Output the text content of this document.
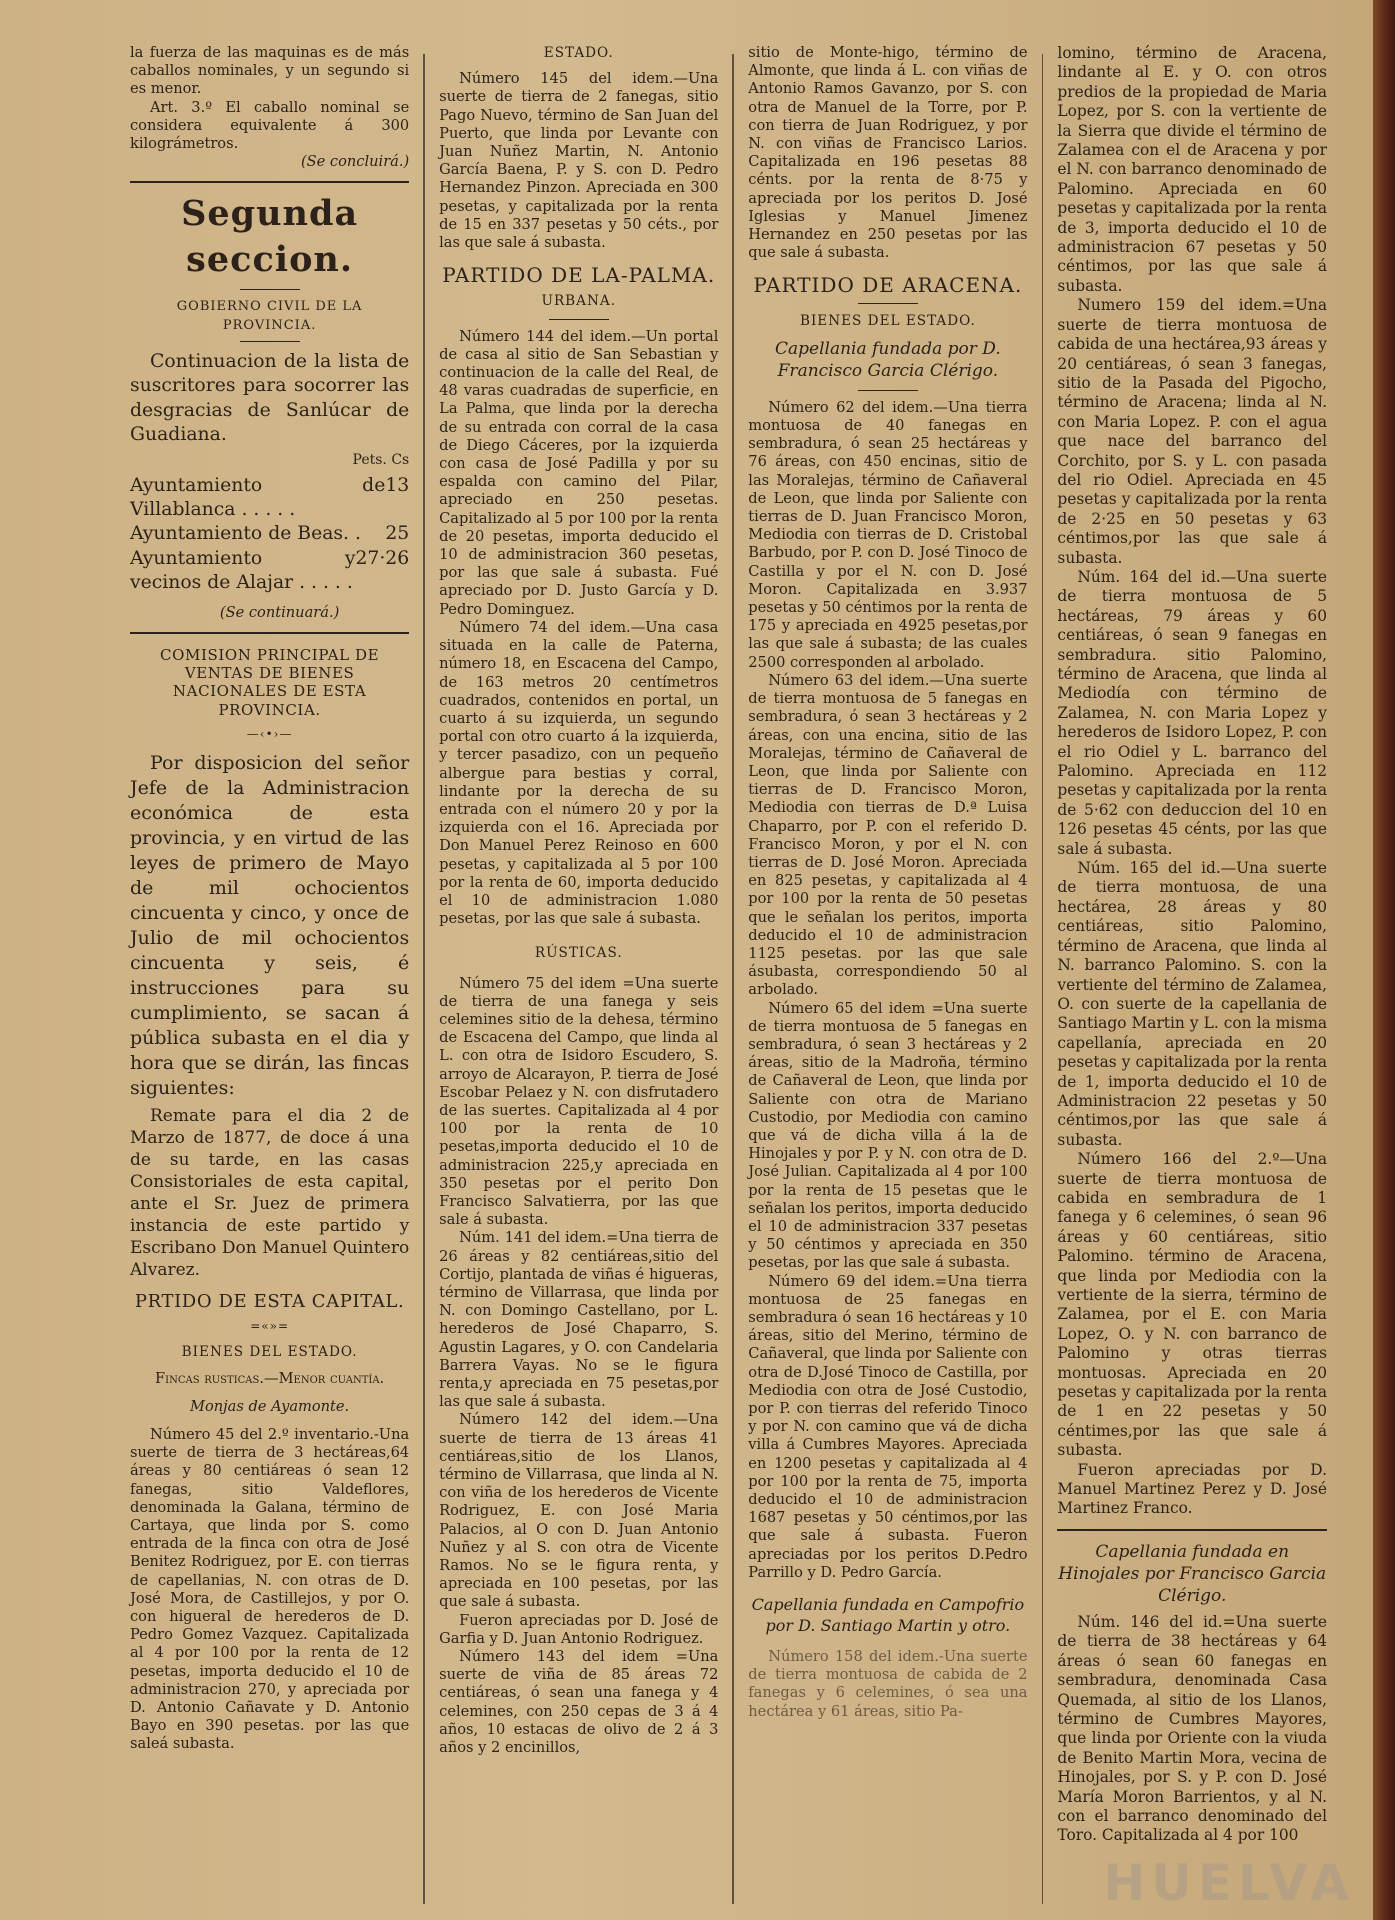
la fuerza de las maquinas es de más caballos nominales, y un segundo si es menor.

Art. 3.º El caballo nominal se considera equivalente á 300 kilográmetros.

(Se concluirá.)

Segunda seccion.
GOBIERNO CIVIL DE LA PROVINCIA.

Continuacion de la lista de suscritores para socorrer las desgracias de Sanlúcar de Guadiana.

Pets. Cs

Ayuntamiento de Villablanca . . . . .
13
Ayuntamiento de Beas. . 25
Ayuntamiento y vecinos de Alajar . . . . .
27·26

(Se continuará.)

COMISION PRINCIPAL DE VENTAS DE BIENES NACIONALES DE ESTA PROVINCIA.
—‹•›—

Por disposicion del señor Jefe de la Administracion económica de esta provincia, y en virtud de las leyes de primero de Mayo de mil ochocientos cincuenta y cinco, y once de Julio de mil ochocientos cincuenta y seis, é instrucciones para su cumplimiento, se sacan á pública subasta en el dia y hora que se dirán, las fincas siguientes:

Remate para el dia 2 de Marzo de 1877, de doce á una de su tarde, en las casas Consistoriales de esta capital, ante el Sr. Juez de primera instancia de este partido y Escribano Don Manuel Quintero Alvarez.

PRTIDO DE ESTA CAPITAL.
=«»=
BIENES DEL ESTADO.
Fincas rusticas.—Menor cuantía.
Monjas de Ayamonte.

Número 45 del 2.º inventario.-Una suerte de tierra de 3 hectáreas,64 áreas y 80 centiáreas ó sean 12 fanegas, sitio Valdeflores, denominada la Galana, término de Cartaya, que linda por S. como entrada de la finca con otra de José Benitez Rodriguez, por E. con tierras de capellanias, N. con otras de D. José Mora, de Castillejos, y por O. con higueral de herederos de D. Pedro Gomez Vazquez. Capitalizada al 4 por 100 por la renta de 12 pesetas, importa deducido el 10 de administracion 270, y apreciada por D. Antonio Cañavate y D. Antonio Bayo en 390 pesetas. por las que saleá subasta.

ESTADO.

Número 145 del idem.—Una suerte de tierra de 2 fanegas, sitio Pago Nuevo, término de San Juan del Puerto, que linda por Levante con Juan Nuñez Martin, N. Antonio García Baena, P. y S. con D. Pedro Hernandez Pinzon. Apreciada en 300 pesetas, y capitalizada por la renta de 15 en 337 pesetas y 50 céts., por las que sale á subasta.

PARTIDO DE LA-PALMA.
URBANA.

Número 144 del idem.—Un portal de casa al sitio de San Sebastian y continuacion de la calle del Real, de 48 varas cuadradas de superficie, en La Palma, que linda por la derecha de su entrada con corral de la casa de Diego Cáceres, por la izquierda con casa de José Padilla y por su espalda con camino del Pilar, apreciado en 250 pesetas. Capitalizado al 5 por 100 por la renta de 20 pesetas, importa deducido el 10 de administracion 360 pesetas, por las que sale á subasta. Fué apreciado por D. Justo García y D. Pedro Dominguez.

Número 74 del idem.—Una casa situada en la calle de Paterna, número 18, en Escacena del Campo, de 163 metros 20 centímetros cuadrados, contenidos en portal, un cuarto á su izquierda, un segundo portal con otro cuarto á la izquierda, y tercer pasadizo, con un pequeño albergue para bestias y corral, lindante por la derecha de su entrada con el número 20 y por la izquierda con el 16. Apreciada por Don Manuel Perez Reinoso en 600 pesetas, y capitalizada al 5 por 100 por la renta de 60, importa deducido el 10 de administracion 1.080 pesetas, por las que sale á subasta.

RÚSTICAS.

Número 75 del idem =Una suerte de tierra de una fanega y seis celemines sitio de la dehesa, término de Escacena del Campo, que linda al L. con otra de Isidoro Escudero, S. arroyo de Alcarayon, P. tierra de José Escobar Pelaez y N. con disfrutadero de las suertes. Capitalizada al 4 por 100 por la renta de 10 pesetas,importa deducido el 10 de administracion 225,y apreciada en 350 pesetas por el perito Don Francisco Salvatierra, por las que sale á subasta.

Núm. 141 del idem.=Una tierra de 26 áreas y 82 centiáreas,sitio del Cortijo, plantada de viñas é higueras, término de Villarrasa, que linda por N. con Domingo Castellano, por L. herederos de José Chaparro, S. Agustin Lagares, y O. con Candelaria Barrera Vayas. No se le figura renta,y apreciada en 75 pesetas,por las que sale á subasta.

Número 142 del idem.—Una suerte de tierra de 13 áreas 41 centiáreas,sitio de los Llanos, término de Villarrasa, que linda al N. con viña de los herederos de Vicente Rodriguez, E. con José Maria Palacios, al O con D. Juan Antonio Nuñez y al S. con otra de Vicente Ramos. No se le figura renta, y apreciada en 100 pesetas, por las que sale á subasta.

Fueron apreciadas por D. José de Garfia y D. Juan Antonio Rodriguez.

Número 143 del idem =Una suerte de viña de 85 áreas 72 centiáreas, ó sean una fanega y 4 celemines, con 250 cepas de 3 á 4 años, 10 estacas de olivo de 2 á 3 años y 2 encinillos,

sitio de Monte-higo, término de Almonte, que linda á L. con viñas de Antonio Ramos Gavanzo, por S. con otra de Manuel de la Torre, por P. con tierra de Juan Rodriguez, y por N. con viñas de Francisco Larios. Capitalizada en 196 pesetas 88 cénts. por la renta de 8·75 y apreciada por los peritos D. José Iglesias y Manuel Jimenez Hernandez en 250 pesetas por las que sale á subasta.

PARTIDO DE ARACENA.
BIENES DEL ESTADO.
Capellania fundada por D. Francisco Garcia Clérigo.

Número 62 del idem.—Una tierra montuosa de 40 fanegas en sembradura, ó sean 25 hectáreas y 76 áreas, con 450 encinas, sitio de las Moralejas, término de Cañaveral de Leon, que linda por Saliente con tierras de D. Juan Francisco Moron, Mediodia con tierras de D. Cristobal Barbudo, por P. con D. José Tinoco de Castilla y por el N. con D. José Moron. Capitalizada en 3.937 pesetas y 50 céntimos por la renta de 175 y apreciada en 4925 pesetas,por las que sale á subasta; de las cuales 2500 corresponden al arbolado.

Número 63 del idem.—Una suerte de tierra montuosa de 5 fanegas en sembradura, ó sean 3 hectáreas y 2 áreas, con una encina, sitio de las Moralejas, término de Cañaveral de Leon, que linda por Saliente con tierras de D. Francisco Moron, Mediodia con tierras de D.ª Luisa Chaparro, por P. con el referido D. Francisco Moron, y por el N. con tierras de D. José Moron. Apreciada en 825 pesetas, y capitalizada al 4 por 100 por la renta de 50 pesetas que le señalan los peritos, importa deducido el 10 de administracion 1125 pesetas. por las que sale ásubasta, correspondiendo 50 al arbolado.

Número 65 del idem =Una suerte de tierra montuosa de 5 fanegas en sembradura, ó sean 3 hectáreas y 2 áreas, sitio de la Madroña, término de Cañaveral de Leon, que linda por Saliente con otra de Mariano Custodio, por Mediodia con camino que vá de dicha villa á la de Hinojales y por P. y N. con otra de D. José Julian. Capitalizada al 4 por 100 por la renta de 15 pesetas que le señalan los peritos, importa deducido el 10 de administracion 337 pesetas y 50 céntimos y apreciada en 350 pesetas, por las que sale á subasta.

Número 69 del idem.=Una tierra montuosa de 25 fanegas en sembradura ó sean 16 hectáreas y 10 áreas, sitio del Merino, término de Cañaveral, que linda por Saliente con otra de D.José Tinoco de Castilla, por Mediodia con otra de José Custodio, por P. con tierras del referido Tinoco y por N. con camino que vá de dicha villa á Cumbres Mayores. Apreciada en 1200 pesetas y capitalizada al 4 por 100 por la renta de 75, importa deducido el 10 de administracion 1687 pesetas y 50 céntimos,por las que sale á subasta. Fueron apreciadas por los peritos D.Pedro Parrillo y D. Pedro García.

Capellania fundada en Campofrio por D. Santiago Martin y otro.

Número 158 del idem.-Una suerte de tierra montuosa de cabida de 2 fanegas y 6 celemines, ó sea una hectárea y 61 áreas, sitio Pa-

lomino, término de Aracena, lindante al E. y O. con otros predios de la propiedad de Maria Lopez, por S. con la vertiente de la Sierra que divide el término de Zalamea con el de Aracena y por el N. con barranco denominado de Palomino. Apreciada en 60 pesetas y capitalizada por la renta de 3, importa deducido el 10 de administracion 67 pesetas y 50 céntimos, por las que sale á subasta.

Numero 159 del idem.=Una suerte de tierra montuosa de cabida de una hectárea,93 áreas y 20 centiáreas, ó sean 3 fanegas, sitio de la Pasada del Pigocho, término de Aracena; linda al N. con Maria Lopez. P. con el agua que nace del barranco del Corchito, por S. y L. con pasada del rio Odiel. Apreciada en 45 pesetas y capitalizada por la renta de 2·25 en 50 pesetas y 63 céntimos,por las que sale á subasta.

Núm. 164 del id.—Una suerte de tierra montuosa de 5 hectáreas, 79 áreas y 60 centiáreas, ó sean 9 fanegas en sembradura. sitio Palomino, término de Aracena, que linda al Mediodía con término de Zalamea, N. con Maria Lopez y herederos de Isidoro Lopez, P. con el rio Odiel y L. barranco del Palomino. Apreciada en 112 pesetas y capitalizada por la renta de 5·62 con deduccion del 10 en 126 pesetas 45 cénts, por las que sale á subasta.

Núm. 165 del id.—Una suerte de tierra montuosa, de una hectárea, 28 áreas y 80 centiáreas, sitio Palomino, término de Aracena, que linda al N. barranco Palomino. S. con la vertiente del término de Zalamea, O. con suerte de la capellania de Santiago Martin y L. con la misma capellanía, apreciada en 20 pesetas y capitalizada por la renta de 1, importa deducido el 10 de Administracion 22 pesetas y 50 céntimos,por las que sale á subasta.

Número 166 del 2.º—Una suerte de tierra montuosa de cabida en sembradura de 1 fanega y 6 celemines, ó sean 96 áreas y 60 centiáreas, sitio Palomino. término de Aracena, que linda por Mediodia con la vertiente de la sierra, término de Zalamea, por el E. con Maria Lopez, O. y N. con barranco de Palomino y otras tierras montuosas. Apreciada en 20 pesetas y capitalizada por la renta de 1 en 22 pesetas y 50 céntimes,por las que sale á subasta.

Fueron apreciadas por D. Manuel Martinez Perez y D. José Martinez Franco.

Capellania fundada en Hinojales por Francisco Garcia Clérigo.

Núm. 146 del id.=Una suerte de tierra de 38 hectáreas y 64 áreas ó sean 60 fanegas en sembradura, denominada Casa Quemada, al sitio de los Llanos, término de Cumbres Mayores, que linda por Oriente con la viuda de Benito Martin Mora, vecina de Hinojales, por S. y P. con D. José María Moron Barrientos, y al N. con el barranco denominado del Toro. Capitalizada al 4 por 100

HUELVA
